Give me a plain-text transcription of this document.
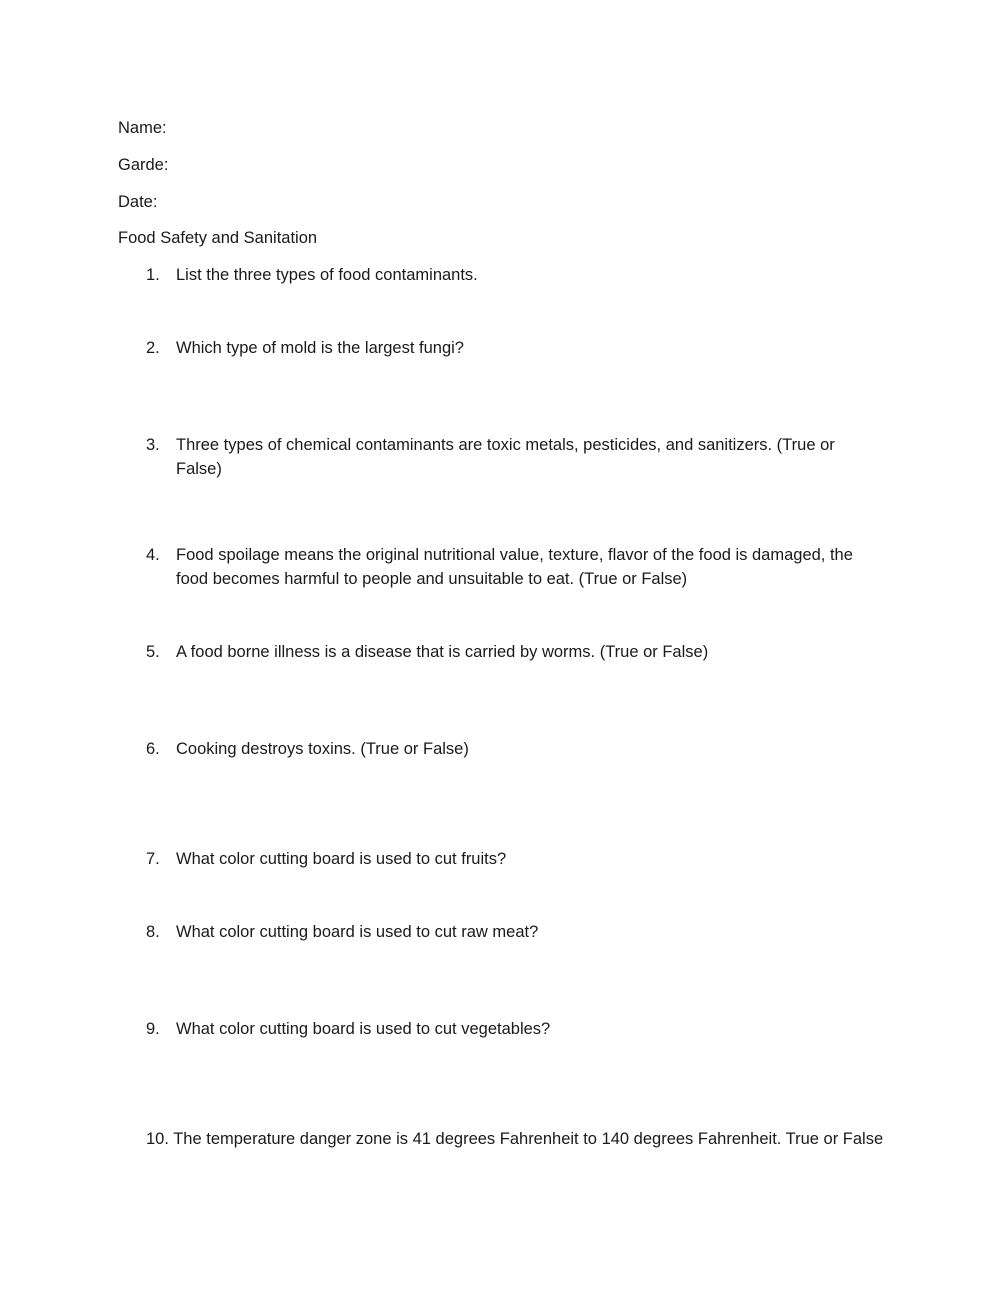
Name:
Garde:
Date:
Food Safety and Sanitation
1. List the three types of food contaminants.
2. Which type of mold is the largest fungi?
3. Three types of chemical contaminants are toxic metals, pesticides, and sanitizers. (True or False)
4. Food spoilage means the original nutritional value, texture, flavor of the food is damaged, the food becomes harmful to people and unsuitable to eat. (True or False)
5. A food borne illness is a disease that is carried by worms. (True or False)
6. Cooking destroys toxins. (True or False)
7. What color cutting board is used to cut fruits?
8. What color cutting board is used to cut raw meat?
9. What color cutting board is used to cut vegetables?
10. The temperature danger zone is 41 degrees Fahrenheit to 140 degrees Fahrenheit. True or False
